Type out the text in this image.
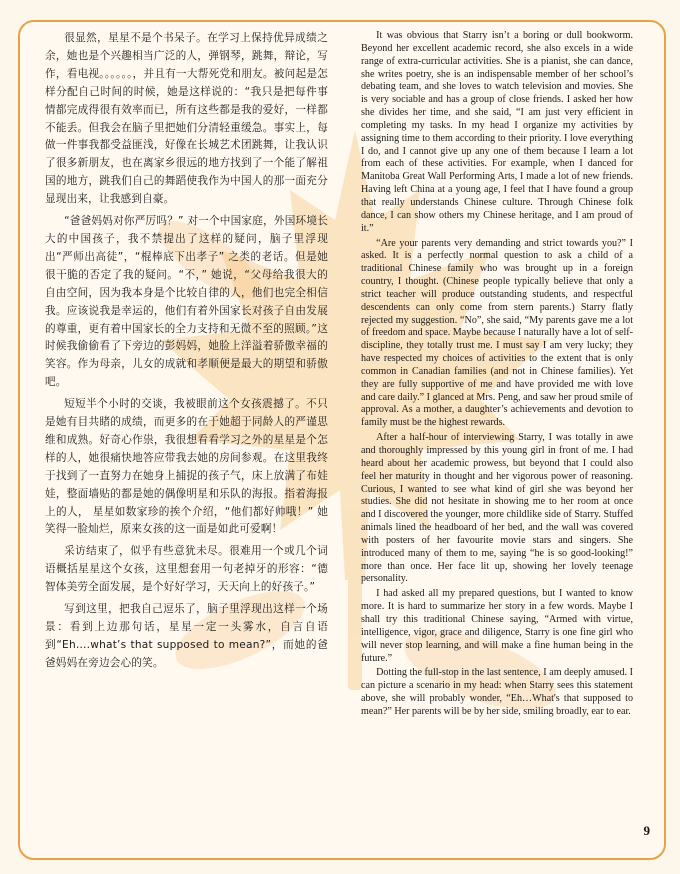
很显然，星星不是个书呆子。在学习上保持优异成绩之余，她也是个兴趣相当广泛的人，弹钢琴，跳舞，辩论，写作，看电视。。。。。。，并且有一大帮死党和朋友。被问起是怎样分配自己时间的时候，她是这样说的：“我只是把每件事情都完成得很有效率而已，所有这些都是我的爱好，一样都不能丢。但我会在脑子里把她们分清轻重缓急。事实上，每做一件事我都受益匪浅，好像在长城艺术团跳舞，让我认识了很多新朋友，也在离家乡很远的地方找到了一个能了解祖国的地方，跳我们自己的舞蹈使我作为中国人的那一面充分显现出来，让我感到自豪。

“爸爸妈妈对你严厉吗？” 对一个中国家庭，外国环境长大的中国孩子，我不禁提出了这样的疑问，脑子里浮现出“严师出高徒”，“棍棒底下出孝子” 之类的老话。但是她很干脆的否定了我的疑问。“不，” 她说，“父母给我很大的自由空间，因为我本身是个比较自律的人，他们也完全相信我。应该说我是幸运的，他们有着外国家长对孩子自由发展的尊重，更有着中国家长的全力支持和无微不至的照顾。”这时候我偷偷看了下旁边的彭妈妈，她脸上洋溢着骄傲幸福的笑容。作为母亲，儿女的成就和孝顺便是最大的期望和骄傲吧。

短短半个小时的交谈，我被眼前这个女孩震撼了。不只是她有目共睹的成绩，而更多的在于她超于同龄人的严谨思维和成熟。好奇心作祟，我很想看看学习之外的星星是个怎样的人，她很痛快地答应带我去她的房间参观。在这里我终于找到了一直努力在她身上捕捉的孩子气，床上放满了布娃娃，整面墙贴的都是她的偶像明星和乐队的海报。指着海报上的人， 星星如数家珍的挨个介绍，“他们都好帅哦！” 她笑得一脸灿烂，原来女孩的这一面是如此可爱啊！

采访结束了，似乎有些意犹未尽。很难用一个或几个词语概括星星这个女孩，这里想套用一句老掉牙的形容：“德智体美劳全面发展，是个好好学习，天天向上的好孩子。”

写到这里，把我自己逗乐了，脑子里浮现出这样一个场景：看到上边那句话，星星一定一头雾水，自言自语到“Eh….what’s that supposed to mean?”，而她的爸爸妈妈在旁边会心的笑。

It was obvious that Starry isn’t a boring or dull bookworm. Beyond her excellent academic record, she also excels in a wide range of extra-curricular activities. She is a pianist, she can dance, she writes poetry, she is an indispensable member of her school’s debating team, and she loves to watch television and movies. She is very sociable and has a group of close friends. I asked her how she divides her time, and she said, “I am just very efficient in completing my tasks. In my head I organize my activities by assigning time to them according to their priority. I love everything I do, and I cannot give up any one of them because I learn a lot from each of these activities. For example, when I danced for Manitoba Great Wall Performing Arts, I made a lot of new friends. Having left China at a young age, I feel that I have found a group that really understands Chinese culture. Through Chinese folk dance, I can show others my Chinese heritage, and I am proud of it.”

“Are your parents very demanding and strict towards you?” I asked. It is a perfectly normal question to ask a child of a traditional Chinese family who was brought up in a foreign country, I thought. (Chinese people typically believe that only a strict teacher will produce outstanding students, and respectful descendents can only come from stern parents.) Starry flatly rejected my suggestion. “No”, she said, “My parents gave me a lot of freedom and space. Maybe because I naturally have a lot of self-discipline, they totally trust me. I must say I am very lucky; they have respected my choices of activities to the extent that is only common in Canadian families (and not in Chinese families). Yet they are fully supportive of me and have provided me with love and care daily.” I glanced at Mrs. Peng, and saw her proud smile of approval. As a mother, a daughter’s achievements and devotion to family must be the highest rewards.

After a half-hour of interviewing Starry, I was totally in awe and thoroughly impressed by this young girl in front of me. I had heard about her academic prowess, but beyond that I could also feel her maturity in thought and her vigorous power of reasoning. Curious, I wanted to see what kind of girl she was beyond her studies. She did not hesitate in showing me to her room at once and I discovered the younger, more childlike side of Starry. Stuffed animals lined the headboard of her bed, and the wall was covered with posters of her favourite movie stars and singers. She introduced many of them to me, saying “he is so good-looking!” more than once. Her face lit up, showing her lovely teenage personality.

I had asked all my prepared questions, but I wanted to know more. It is hard to summarize her story in a few words. Maybe I shall try this traditional Chinese saying, “Armed with virtue, intelligence, vigor, grace and diligence, Starry is one fine girl who will never stop learning, and will make a fine human being in the future.”

Dotting the full-stop in the last sentence, I am deeply amused. I can picture a scenario in my head: when Starry sees this statement above, she will probably wonder, “Eh…What's that supposed to mean?” Her parents will be by her side, smiling broadly, ear to ear.

9
